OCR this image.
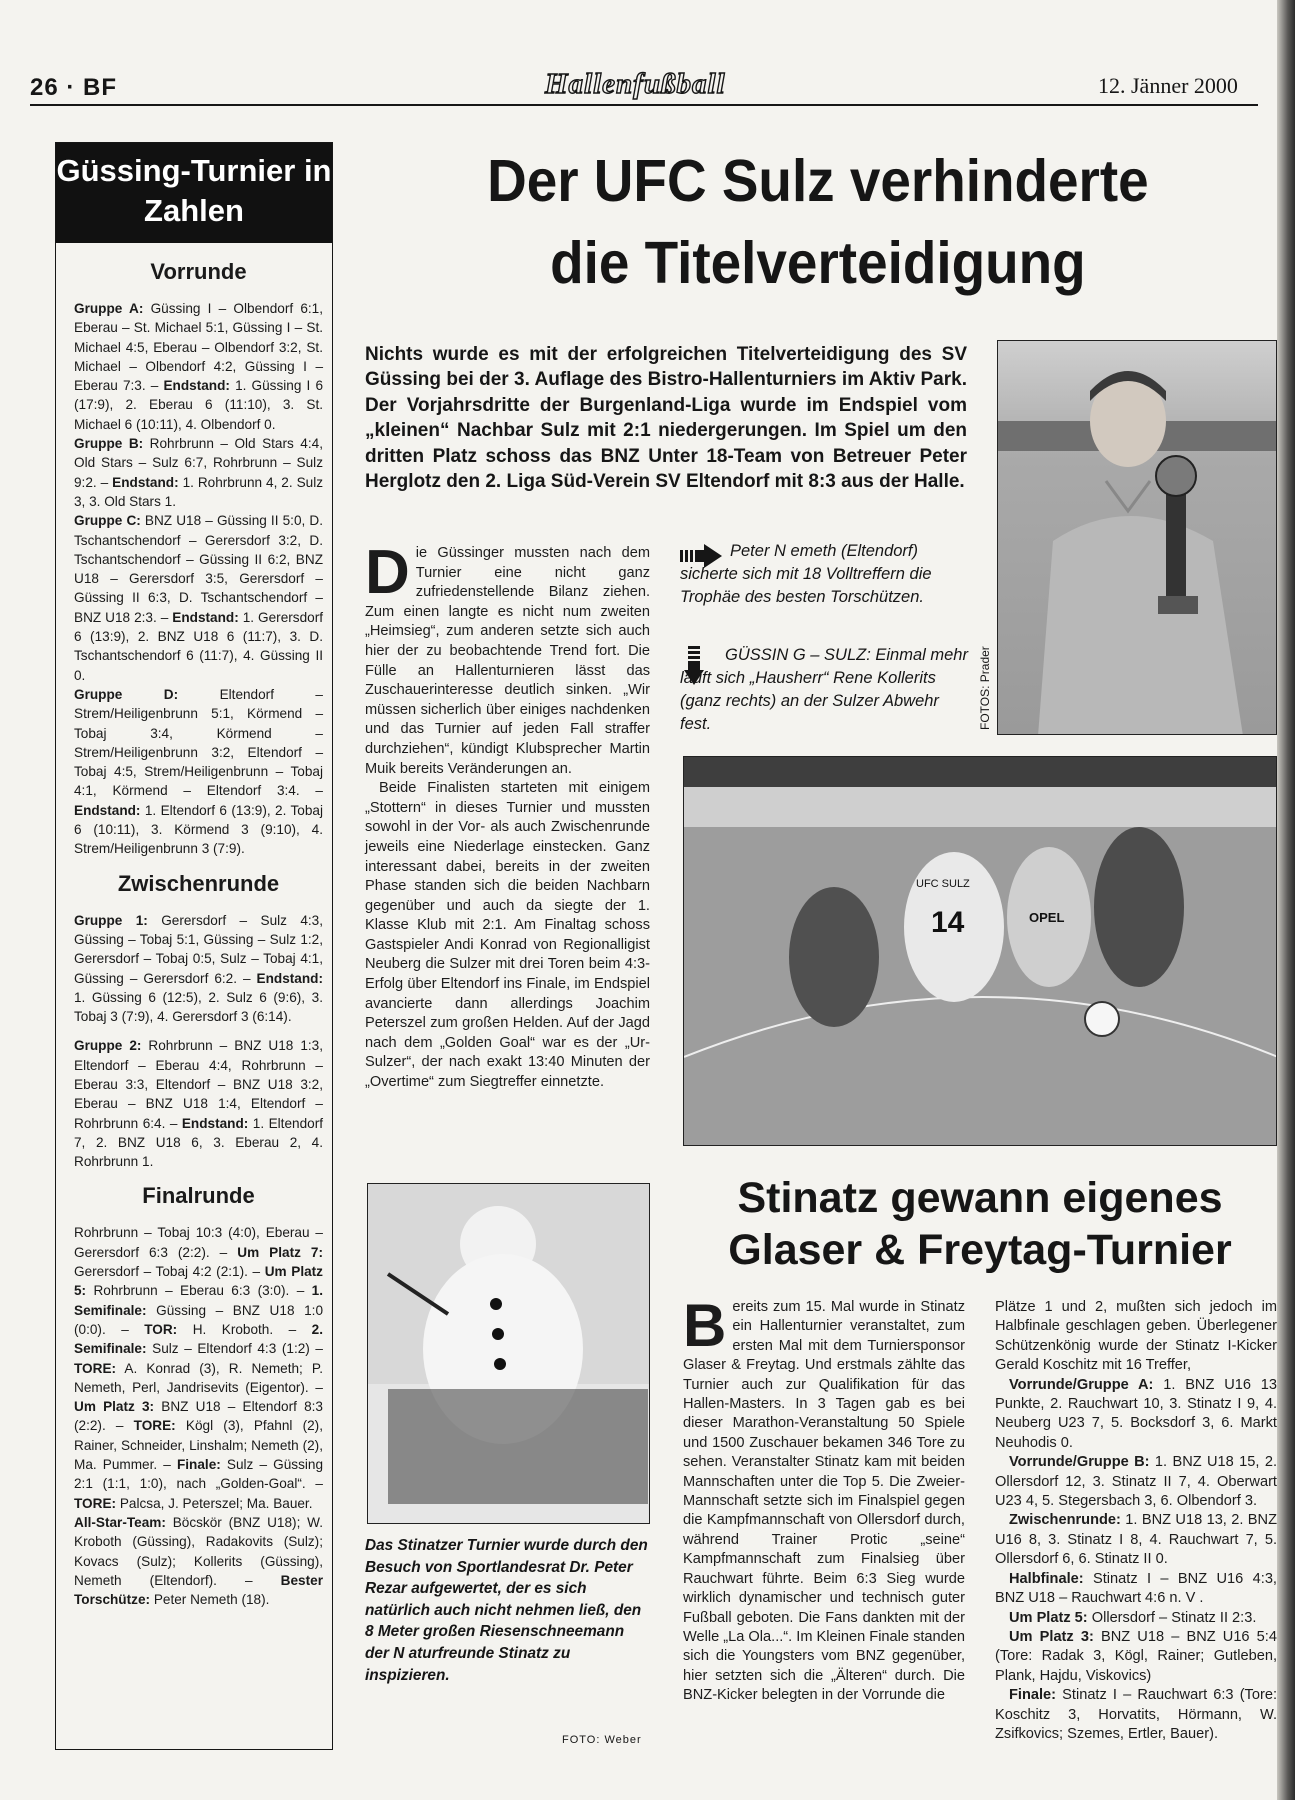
26 · BF	Hallenfußball	12. Jänner 2000
Güssing-Turnier in Zahlen
Vorrunde

Gruppe A: Güssing I – Olbendorf 6:1, Eberau – St. Michael 5:1, Güssing I – St. Michael 4:5, Eberau – Olbendorf 3:2, St. Michael – Olbendorf 4:2, Güssing I – Eberau 7:3. – Endstand: 1. Güssing I 6 (17:9), 2. Eberau 6 (11:10), 3. St. Michael 6 (10:11), 4. Olbendorf 0.

Gruppe B: Rohrbrunn – Old Stars 4:4, Old Stars – Sulz 6:7, Rohrbrunn – Sulz 9:2. – Endstand: 1. Rohrbrunn 4, 2. Sulz 3, 3. Old Stars 1.

Gruppe C: BNZ U18 – Güssing II 5:0, D. Tschantschendorf – Gerersdorf 3:2, D. Tschantschendorf – Güssing II 6:2, BNZ U18 – Gerersdorf 3:5, Gerersdorf – Güssing II 6:3, D. Tschantschendorf – BNZ U18 2:3. – Endstand: 1. Gerersdorf 6 (13:9), 2. BNZ U18 6 (11:7), 3. D. Tschantschendorf 6 (11:7), 4. Güssing II 0.

Gruppe D:	Eltendorf – Strem/Heiligenbrunn 5:1, Körmend – Tobaj 3:4, Körmend – Strem/Heiligenbrunn 3:2, Eltendorf – Tobaj 4:5, Strem/Heiligenbrunn – Tobaj 4:1, Körmend – Eltendorf 3:4. – Endstand: 1. Eltendorf 6 (13:9), 2. Tobaj 6 (10:11), 3. Körmend 3 (9:10), 4. Strem/Heiligenbrunn 3 (7:9).

Zwischenrunde

Gruppe 1: Gerersdorf – Sulz 4:3, Güssing – Tobaj 5:1, Güssing – Sulz 1:2, Gerersdorf – Tobaj 0:5, Sulz – Tobaj 4:1, Güssing – Gerersdorf 6:2. – Endstand: 1. Güssing 6 (12:5), 2. Sulz 6 (9:6), 3. Tobaj 3 (7:9), 4. Gerersdorf 3 (6:14).

Gruppe 2: Rohrbrunn – BNZ U18 1:3, Eltendorf – Eberau 4:4, Rohrbrunn – Eberau 3:3, Eltendorf – BNZ U18 3:2, Eberau – BNZ U18 1:4, Eltendorf – Rohrbrunn 6:4. – Endstand: 1. Eltendorf 7, 2. BNZ U18 6, 3. Eberau 2, 4. Rohrbrunn 1.

Finalrunde

Rohrbrunn – Tobaj 10:3 (4:0), Eberau – Gerersdorf 6:3 (2:2). – Um Platz 7: Gerersdorf – Tobaj 4:2 (2:1). – Um Platz 5: Rohrbrunn – Eberau 6:3 (3:0). – 1. Semifinale: Güssing – BNZ U18 1:0 (0:0). – TOR: H. Kroboth. – 2. Semifinale: Sulz – Eltendorf 4:3 (1:2) – TORE: A. Konrad (3), R. Nemeth; P. Nemeth, Perl, Jandrisevits (Eigentor). – Um Platz 3: BNZ U18 – Eltendorf 8:3 (2:2). – TORE: Kögl (3), Pfahnl (2), Rainer, Schneider, Linshalm; Nemeth (2), Ma. Pummer. – Finale: Sulz – Güssing 2:1 (1:1, 1:0), nach „Golden-Goal“. – TORE: Palcsa, J. Peterszel; Ma. Bauer.

All-Star-Team: Böcskör (BNZ U18); W. Kroboth (Güssing), Radakovits (Sulz); Kovacs (Sulz); Kollerits (Güssing), Nemeth (Eltendorf). – Bester Torschütze: Peter Nemeth (18).

Der UFC Sulz verhinderte
die Titelverteidigung
Nichts wurde es mit der erfolgreichen Titelverteidigung des SV Güssing bei der 3. Auflage des Bistro-Hallenturniers im Aktiv Park. Der Vorjahrsdritte der Burgenland-Liga wurde im Endspiel vom „kleinen“ Nachbar Sulz mit 2:1 niedergerungen. Im Spiel um den dritten Platz schoss das BNZ Unter 18-Team von Betreuer Peter Herglotz den 2. Liga Süd-Verein SV Eltendorf mit 8:3 aus der Halle.
Die Güssinger mussten nach dem Turnier eine nicht ganz zufriedenstellende Bilanz ziehen. Zum einen langte es nicht num zweiten „Heimsieg“, zum anderen setzte sich auch hier der zu beobachtende Trend fort. Die Fülle an Hallenturnieren lässt das Zuschauerinteresse deutlich sinken. „Wir müssen sicherlich über einiges nachdenken und das Turnier auf jeden Fall straffer durchziehen“, kündigt Klubsprecher Martin Muik bereits Veränderungen an.
Beide Finalisten starteten mit einigem „Stottern“ in dieses Turnier und mussten sowohl in der Vor- als auch Zwischenrunde jeweils eine Niederlage einstecken. Ganz interessant dabei, bereits in der zweiten Phase standen sich die beiden Nachbarn gegenüber und auch da siegte der 1. Klasse Klub mit 2:1. Am Finaltag schoss Gastspieler Andi Konrad von Regionalligist Neuberg die Sulzer mit drei Toren beim 4:3-Erfolg über Eltendorf ins Finale, im Endspiel avancierte dann allerdings Joachim Peterszel zum großen Helden. Auf der Jagd nach dem „Golden Goal“ war es der „Ur-Sulzer“, der nach exakt 13:40 Minuten der „Overtime“ zum Siegtreffer einnetzte.
Peter N emeth (Eltendorf) sicherte sich mit 18 Volltreffern die Trophäe des besten Torschützen.
GÜSSIN G – SULZ: Einmal mehr läuft sich „Hausherr“ Rene Kollerits (ganz rechts) an der Sulzer Abwehr fest.	FOTOS: Prader
14
UFC SULZ
OPEL
Das Stinatzer Turnier wurde durch den Besuch von Sportlandesrat Dr. Peter Rezar aufgewertet, der es sich natürlich auch nicht nehmen ließ, den 8 Meter großen Riesenschneemann der N aturfreunde Stinatz zu inspizieren.
FOTO: Weber
Stinatz gewann eigenes
Glaser & Freytag-Turnier
Bereits zum 15. Mal wurde in Stinatz ein Hallenturnier veranstaltet, zum ersten Mal mit dem Turniersponsor Glaser & Freytag. Und erstmals zählte das Turnier auch zur Qualifikation für das Hallen-Masters. In 3 Tagen gab es bei dieser Marathon-Veranstaltung 50 Spiele und 1500 Zuschauer bekamen 346 Tore zu sehen. Veranstalter Stinatz kam mit beiden Mannschaften unter die Top 5. Die Zweier-Mannschaft setzte sich im Finalspiel gegen die Kampfmannschaft von Ollersdorf durch, während Trainer Protic „seine“ Kampfmannschaft zum Finalsieg über Rauchwart führte. Beim 6:3 Sieg wurde wirklich dynamischer und technisch guter Fußball geboten. Die Fans dankten mit der Welle „La Ola...“. Im Kleinen Finale standen sich die Youngsters vom BNZ gegenüber, hier setzten sich die „Älteren“ durch. Die BNZ-Kicker belegten in der Vorrunde die
Plätze 1 und 2, mußten sich jedoch im Halbfinale geschlagen geben. Überlegener Schützenkönig wurde der Stinatz I-Kicker Gerald Koschitz mit 16 Treffer,
Vorrunde/Gruppe A: 1. BNZ U16 13 Punkte, 2. Rauchwart 10, 3. Stinatz I 9, 4. Neuberg U23 7, 5. Bocksdorf 3, 6. Markt Neuhodis 0.
Vorrunde/Gruppe B: 1. BNZ U18 15, 2. Ollersdorf 12, 3. Stinatz II 7, 4. Oberwart U23 4, 5. Stegersbach 3, 6. Olbendorf 3.
Zwischenrunde: 1. BNZ U18 13, 2. BNZ U16 8, 3. Stinatz I 8, 4. Rauchwart 7, 5. Ollersdorf 6, 6. Stinatz II 0.
Halbfinale: Stinatz I – BNZ U16 4:3, BNZ U18 – Rauchwart 4:6 n. V .
Um Platz 5: Ollersdorf – Stinatz II 2:3.
Um Platz 3: BNZ U18 – BNZ U16 5:4 (Tore: Radak 3, Kögl, Rainer; Gutleben, Plank, Hajdu, Viskovics)
Finale: Stinatz I – Rauchwart 6:3 (Tore: Koschitz 3, Horvatits, Hörmann, W. Zsifkovics; Szemes, Ertler, Bauer).
